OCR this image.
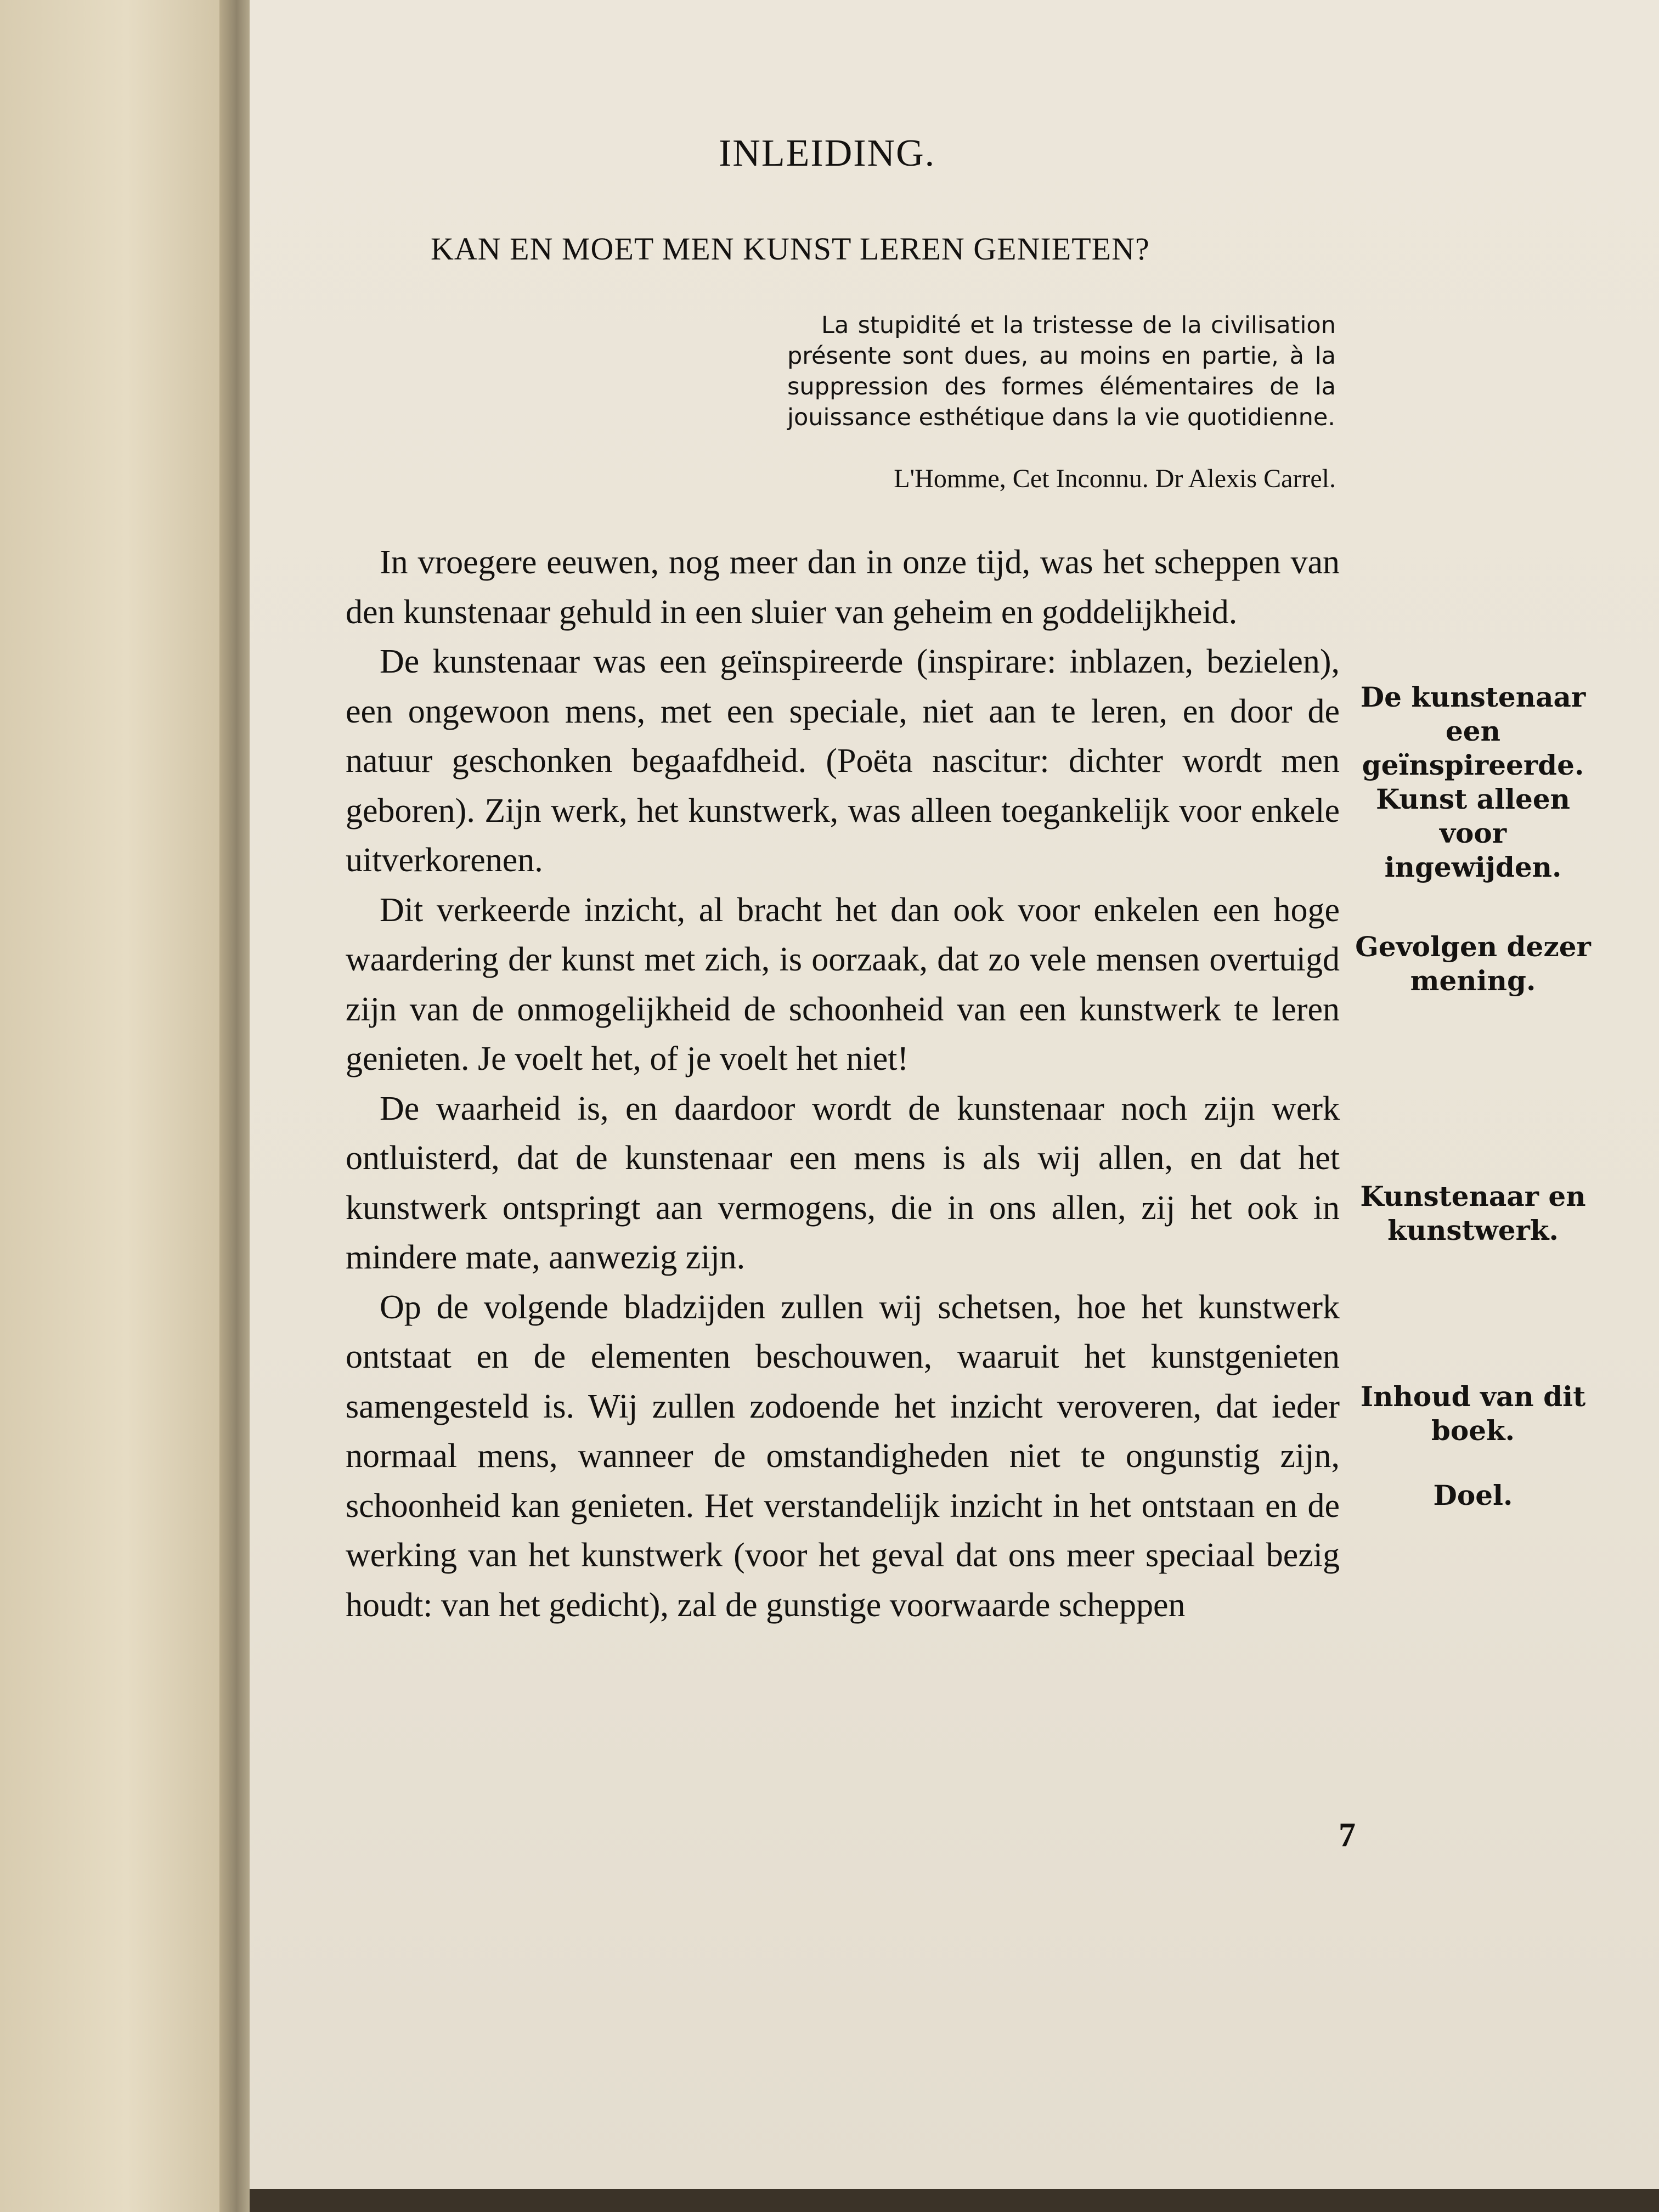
INLEIDING.
KAN EN MOET MEN KUNST LEREN GENIETEN?
La stupidité et la tristesse de la civilisation présente sont dues, au moins en partie, à la suppression des formes élémentaires de la jouissance esthétique dans la vie quotidienne.
L'Homme, Cet Inconnu. Dr Alexis Carrel.

In vroegere eeuwen, nog meer dan in onze tijd, was het scheppen van den kunstenaar gehuld in een sluier van geheim en goddelijkheid.

De kunstenaar was een geïnspireerde (inspirare: inblazen, bezielen), een ongewoon mens, met een speciale, niet aan te leren, en door de natuur geschonken begaafdheid. (Poëta nascitur: dichter wordt men geboren). Zijn werk, het kunstwerk, was alleen toegankelijk voor enkele uitverkorenen.

Dit verkeerde inzicht, al bracht het dan ook voor enkelen een hoge waardering der kunst met zich, is oorzaak, dat zo vele mensen overtuigd zijn van de onmogelijkheid de schoonheid van een kunstwerk te leren genieten. Je voelt het, of je voelt het niet!

De waarheid is, en daardoor wordt de kunstenaar noch zijn werk ontluisterd, dat de kunstenaar een mens is als wij allen, en dat het kunstwerk ontspringt aan vermogens, die in ons allen, zij het ook in mindere mate, aanwezig zijn.

Op de volgende bladzijden zullen wij schetsen, hoe het kunstwerk ontstaat en de elementen beschouwen, waaruit het kunstgenieten samengesteld is. Wij zullen zodoende het inzicht veroveren, dat ieder normaal mens, wanneer de omstandigheden niet te ongunstig zijn, schoonheid kan genieten. Het verstandelijk inzicht in het ontstaan en de werking van het kunstwerk (voor het geval dat ons meer speciaal bezig houdt: van het gedicht), zal de gunstige voorwaarde scheppen

De kunstenaar een geïnspireerde. Kunst alleen voor ingewijden.
Gevolgen dezer mening.
Kunstenaar en kunstwerk.
Inhoud van dit boek.
Doel.
7
